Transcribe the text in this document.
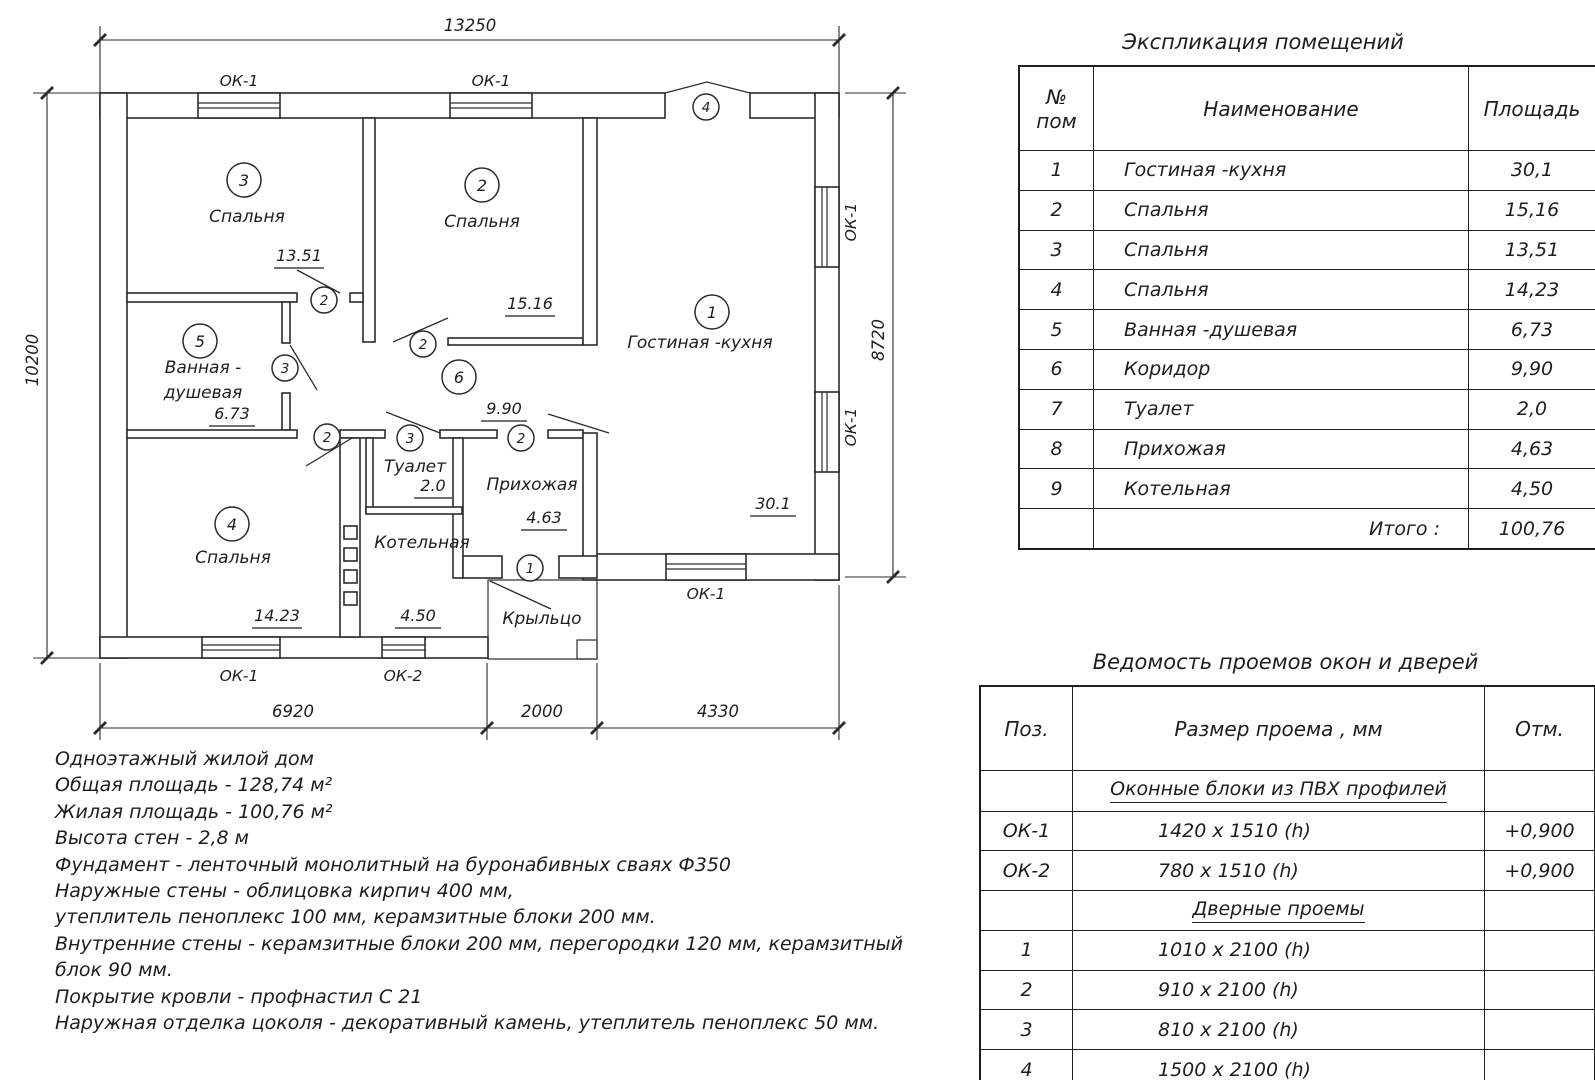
13250
10200	8720
6920	2000	4330
ОК-1	ОК-1
ОК-1	ОК-2
ОК-1
ОК-1
ОК-1
1
2
3
4
5
6
2
2
3
2	3	2
1
4
Гостиная -кухня
Спальня
Спальня
Спальня
Ванная -
душевая
Туалет
Прихожая
Котельная
Крыльцо
30.1
15.16
13.51
14.23
6.73	9.90
2.0
4.63
4.50
Экспликация помещений
№
пом	Наименование	Площадь
1	Гостиная -кухня	30,1
2	Спальня	15,16
3	Спальня	13,51
4	Спальня	14,23
5	Ванная -душевая	6,73
6	Коридор	9,90
7	Туалет	2,0
8	Прихожая	4,63
9	Котельная	4,50
Итого :	100,76
Ведомость проемов окон и дверей
Поз.	Размер проема , мм	Отм.
Оконные блоки из ПВХ профилей
ОК-1	1420 x 1510 (h)	+0,900
ОК-2	780 x 1510 (h)	+0,900
Дверные проемы
1	1010 x 2100 (h)
2	910 x 2100 (h)
3	810 x 2100 (h)
4	1500 x 2100 (h)
Одноэтажный жилой дом
Общая площадь - 128,74 м²
Жилая площадь - 100,76 м²
Высота стен - 2,8 м
Фундамент - ленточный монолитный на буронабивных сваях Ф350
Наружные стены - облицовка кирпич 400 мм,
утеплитель пеноплекс 100 мм, керамзитные блоки 200 мм.
Внутренние стены - керамзитные блоки 200 мм, перегородки 120 мм, керамзитный
блок 90 мм.
Покрытие кровли - профнастил С 21
Наружная отделка цоколя - декоративный камень, утеплитель пеноплекс 50 мм.
